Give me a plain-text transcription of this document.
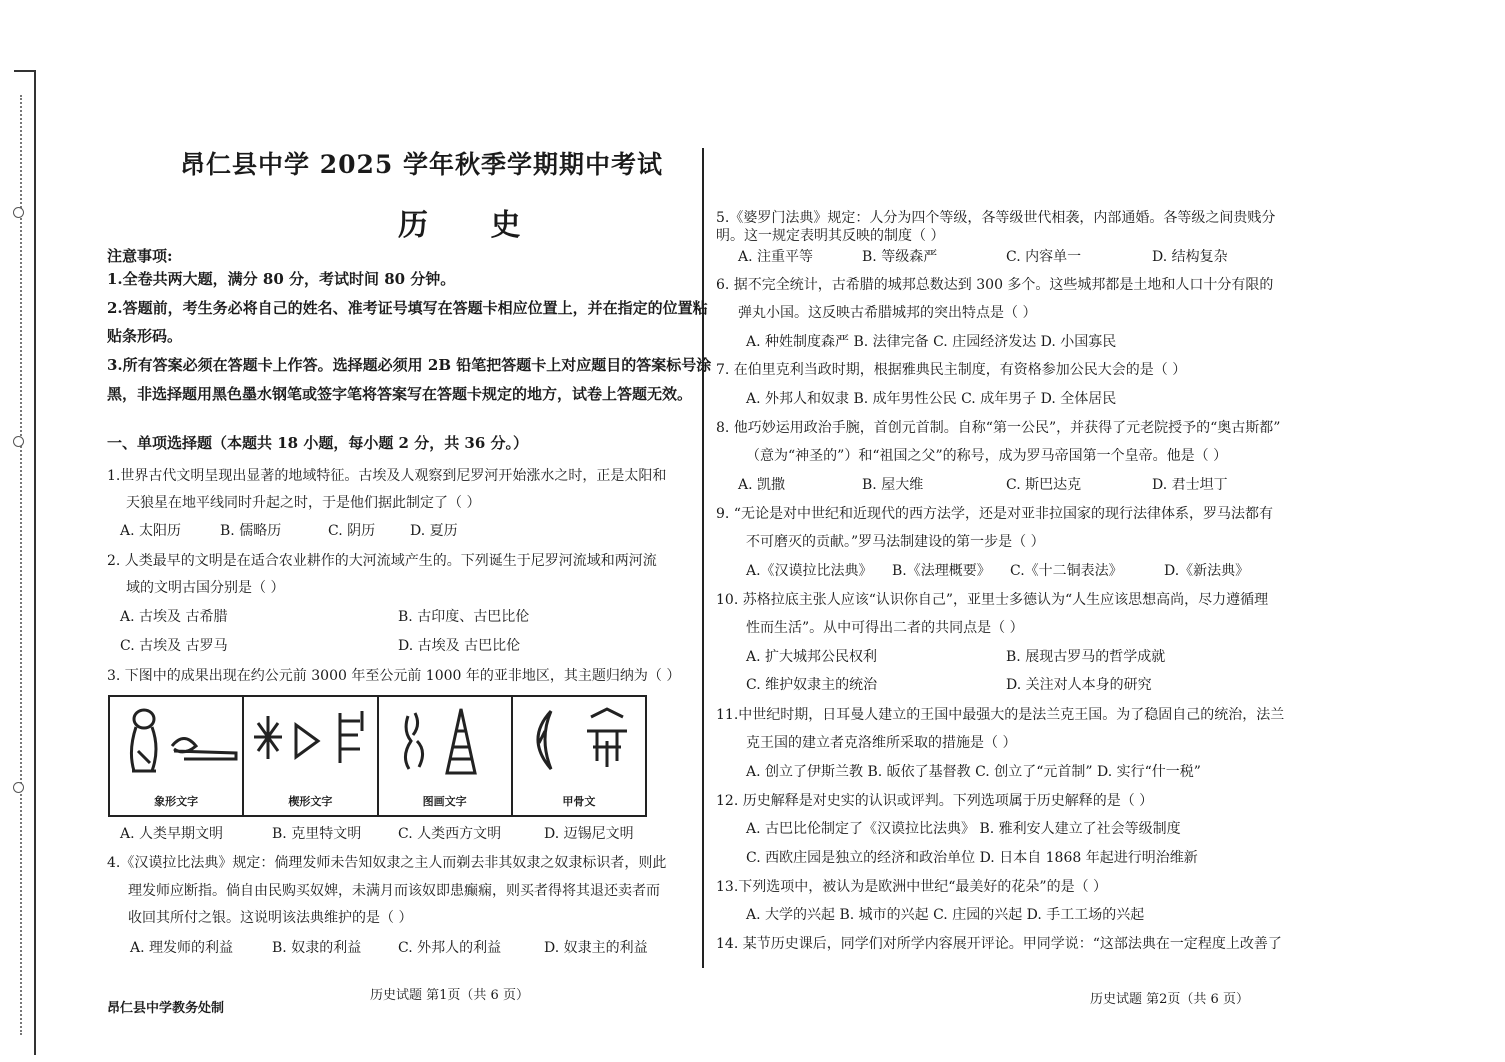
昂仁县中学 2025 学年秋季学期期中考试
历 史
注意事项:
1.全卷共两大题，满分 80 分，考试时间 80 分钟。
2.答题前，考生务必将自己的姓名、准考证号填写在答题卡相应位置上，并在指定的位置粘
贴条形码。
3.所有答案必须在答题卡上作答。选择题必须用 2B 铅笔把答题卡上对应题目的答案标号涂
黑，非选择题用黑色墨水钢笔或签字笔将答案写在答题卡规定的地方，试卷上答题无效。
一、单项选择题（本题共 18 小题，每小题 2 分，共 36 分。）
1.世界古代文明呈现出显著的地域特征。古埃及人观察到尼罗河开始涨水之时，正是太阳和
天狼星在地平线同时升起之时，于是他们据此制定了（ ）
A. 太阳历	B. 儒略历	C. 阴历 D. 夏历
2. 人类最早的文明是在适合农业耕作的大河流域产生的。下列诞生于尼罗河流域和两河流
域的文明古国分别是（ ）
A. 古埃及 古希腊	B. 古印度、古巴比伦
C. 古埃及 古罗马	D. 古埃及 古巴比伦
3. 下图中的成果出现在约公元前 3000 年至公元前 1000 年的亚非地区，其主题归纳为（ ）
象形文字	楔形文字	图画文字	甲骨文
A. 人类早期文明	B. 克里特文明	C. 人类西方文明	D. 迈锡尼文明
4.《汉谟拉比法典》规定：倘理发师未告知奴隶之主人而剃去非其奴隶之奴隶标识者，则此
理发师应断指。倘自由民购买奴婢，未满月而该奴即患癫痫，则买者得将其退还卖者而
收回其所付之银。这说明该法典维护的是（ ）
A. 理发师的利益	B. 奴隶的利益	C. 外邦人的利益	D. 奴隶主的利益
5.《婆罗门法典》规定：人分为四个等级，各等级世代相袭，内部通婚。各等级之间贵贱分
明。这一规定表明其反映的制度（ ）
A. 注重平等	B. 等级森严	C. 内容单一	D. 结构复杂
6. 据不完全统计，古希腊的城邦总数达到 300 多个。这些城邦都是土地和人口十分有限的
弹丸小国。这反映古希腊城邦的突出特点是（ ）
A. 种姓制度森严 B. 法律完备 C. 庄园经济发达 D. 小国寡民
7. 在伯里克利当政时期，根据雅典民主制度，有资格参加公民大会的是（ ）
A. 外邦人和奴隶 B. 成年男性公民 C. 成年男子 D. 全体居民
8. 他巧妙运用政治手腕，首创元首制。自称“第一公民”，并获得了元老院授予的“奥古斯都”
（意为“神圣的”）和“祖国之父”的称号，成为罗马帝国第一个皇帝。他是（ ）
A. 凯撒	B. 屋大维	C. 斯巴达克	D. 君士坦丁
9. “无论是对中世纪和近现代的西方法学，还是对亚非拉国家的现行法律体系，罗马法都有
不可磨灭的贡献。”罗马法制建设的第一步是（ ）
A.《汉谟拉比法典》 B.《法理概要》 C.《十二铜表法》	D.《新法典》
10. 苏格拉底主张人应该“认识你自己”，亚里士多德认为“人生应该思想高尚，尽力遵循理
性而生活”。从中可得出二者的共同点是（ ）
A. 扩大城邦公民权利	B. 展现古罗马的哲学成就
C. 维护奴隶主的统治	D. 关注对人本身的研究
11.中世纪时期，日耳曼人建立的王国中最强大的是法兰克王国。为了稳固自己的统治，法兰
克王国的建立者克洛维所采取的措施是（ ）
A. 创立了伊斯兰教 B. 皈依了基督教 C. 创立了“元首制” D. 实行“什一税”
12. 历史解释是对史实的认识或评判。下列选项属于历史解释的是（ ）
A. 古巴比伦制定了《汉谟拉比法典》 B. 雅利安人建立了社会等级制度
C. 西欧庄园是独立的经济和政治单位 D. 日本自 1868 年起进行明治维新
13.下列选项中，被认为是欧洲中世纪“最美好的花朵”的是（ ）
A. 大学的兴起 B. 城市的兴起 C. 庄园的兴起 D. 手工工场的兴起
14. 某节历史课后，同学们对所学内容展开评论。甲同学说：“这部法典在一定程度上改善了
历史试题 第1页（共 6 页）	历史试题 第2页（共 6 页）
昂仁县中学教务处制
